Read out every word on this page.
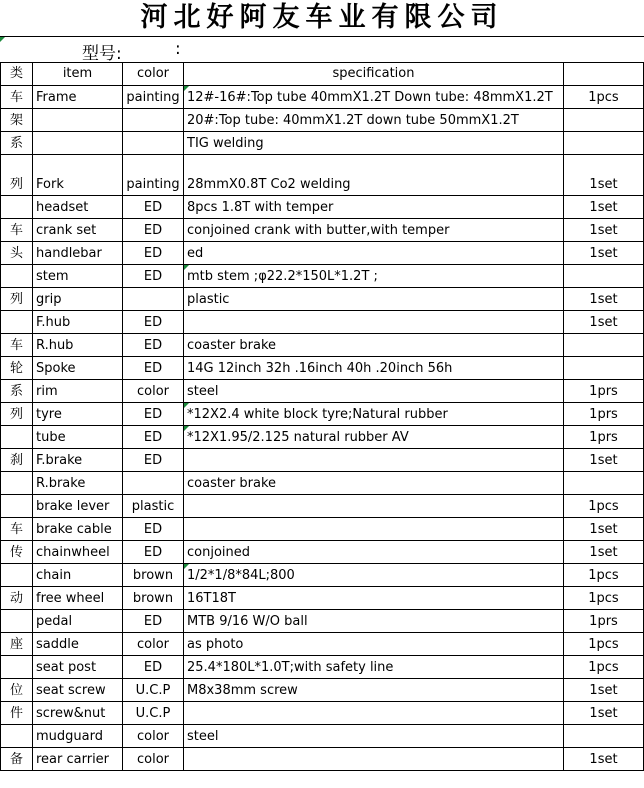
河北好阿友车业有限公司
型号:	:
类	item	color	specification	
车	Frame	painting	12#-16#:Top tube 40mmX1.2T Down tube: 48mmX1.2T	1pcs
架			20#:Top tube: 40mmX1.2T down tube 50mmX1.2T	
系			TIG welding	
列	Fork	painting	28mmX0.8T Co2 welding	1set
	headset	ED	8pcs 1.8T with temper	1set
车	crank set	ED	conjoined crank with butter,with temper	1set
头	handlebar	ED	ed	1set
	stem	ED	mtb stem ;φ22.2*150L*1.2T ;

列	grip		plastic	1set
	F.hub	ED		1set
车	R.hub	ED	coaster brake	
轮	Spoke	ED	14G 12inch 32h .16inch 40h .20inch 56h	
系	rim	color	steel	1prs
列	tyre	ED	*12X2.4 white block tyre;Natural rubber	1prs
	tube	ED	*12X1.95/2.125 natural rubber AV	1prs
刹	F.brake	ED		1set
	R.brake		coaster brake	
	brake lever	plastic		1pcs
车	brake cable	ED		1set
传	chainwheel	ED	conjoined	1set
	chain	brown	1/2*1/8*84L;800	1pcs
动	free wheel	brown	16T18T	1pcs
	pedal	ED	MTB 9/16 W/O ball	1prs
座	saddle	color	as photo	1pcs
	seat post	ED	25.4*180L*1.0T;with safety line	1pcs
位	seat screw	U.C.P	M8x38mm screw	1set
件	screw&nut	U.C.P		1set
	mudguard	color	steel	
备	rear carrier	color		1set
